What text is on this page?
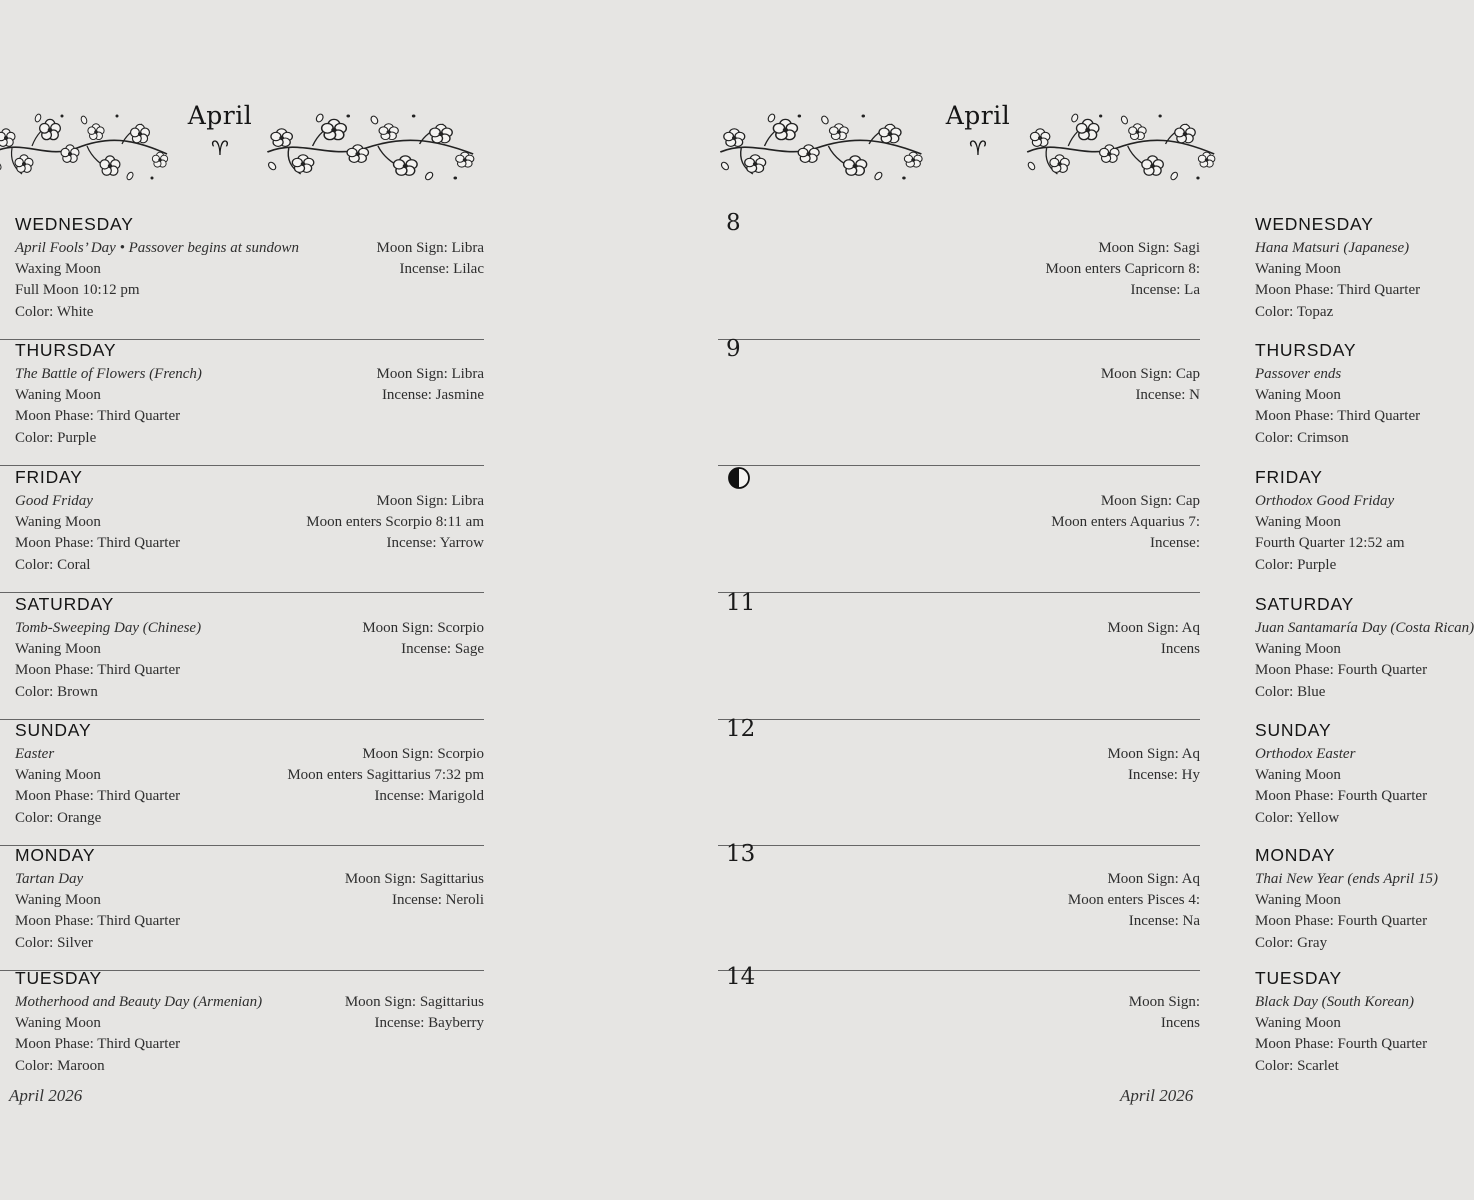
April
♈︎
WEDNESDAY
April Fools’ Day • Passover begins at sundown
Waxing Moon
Full Moon 10:12 pm
Color: White
Moon Sign: Libra
Incense: Lilac
THURSDAY
The Battle of Flowers (French)
Waning Moon
Moon Phase: Third Quarter
Color: Purple
Moon Sign: Libra
Incense: Jasmine
FRIDAY
Good Friday
Waning Moon
Moon Phase: Third Quarter
Color: Coral
Moon Sign: Libra
Moon enters Scorpio 8:11 am
Incense: Yarrow
SATURDAY
Tomb-Sweeping Day (Chinese)
Waning Moon
Moon Phase: Third Quarter
Color: Brown
Moon Sign: Scorpio
Incense: Sage
SUNDAY
Easter
Waning Moon
Moon Phase: Third Quarter
Color: Orange
Moon Sign: Scorpio
Moon enters Sagittarius 7:32 pm
Incense: Marigold
MONDAY
Tartan Day
Waning Moon
Moon Phase: Third Quarter
Color: Silver
Moon Sign: Sagittarius
Incense: Neroli
TUESDAY
Motherhood and Beauty Day (Armenian)
Waning Moon
Moon Phase: Third Quarter
Color: Maroon
Moon Sign: Sagittarius
Incense: Bayberry
April 2026
April
♈︎
8	WEDNESDAY
Hana Matsuri (Japanese)
Waning Moon
Moon Phase: Third Quarter
Color: Topaz
Moon Sign: Sagi
Moon enters Capricorn 8:
Incense: La
9	THURSDAY
Passover ends
Waning Moon
Moon Phase: Third Quarter
Color: Crimson
Moon Sign: Cap
Incense: N
FRIDAY
Orthodox Good Friday
Waning Moon
Fourth Quarter 12:52 am
Color: Purple
Moon Sign: Cap
Moon enters Aquarius 7:
Incense:
11	SATURDAY
Juan Santamaría Day (Costa Rican)
Waning Moon
Moon Phase: Fourth Quarter
Color: Blue
Moon Sign: Aq
Incens
12	SUNDAY
Orthodox Easter
Waning Moon
Moon Phase: Fourth Quarter
Color: Yellow
Moon Sign: Aq
Incense: Hy
13	MONDAY
Thai New Year (ends April 15)
Waning Moon
Moon Phase: Fourth Quarter
Color: Gray
Moon Sign: Aq
Moon enters Pisces 4:
Incense: Na
14	TUESDAY
Black Day (South Korean)
Waning Moon
Moon Phase: Fourth Quarter
Color: Scarlet
Moon Sign:
Incens
April 2026
